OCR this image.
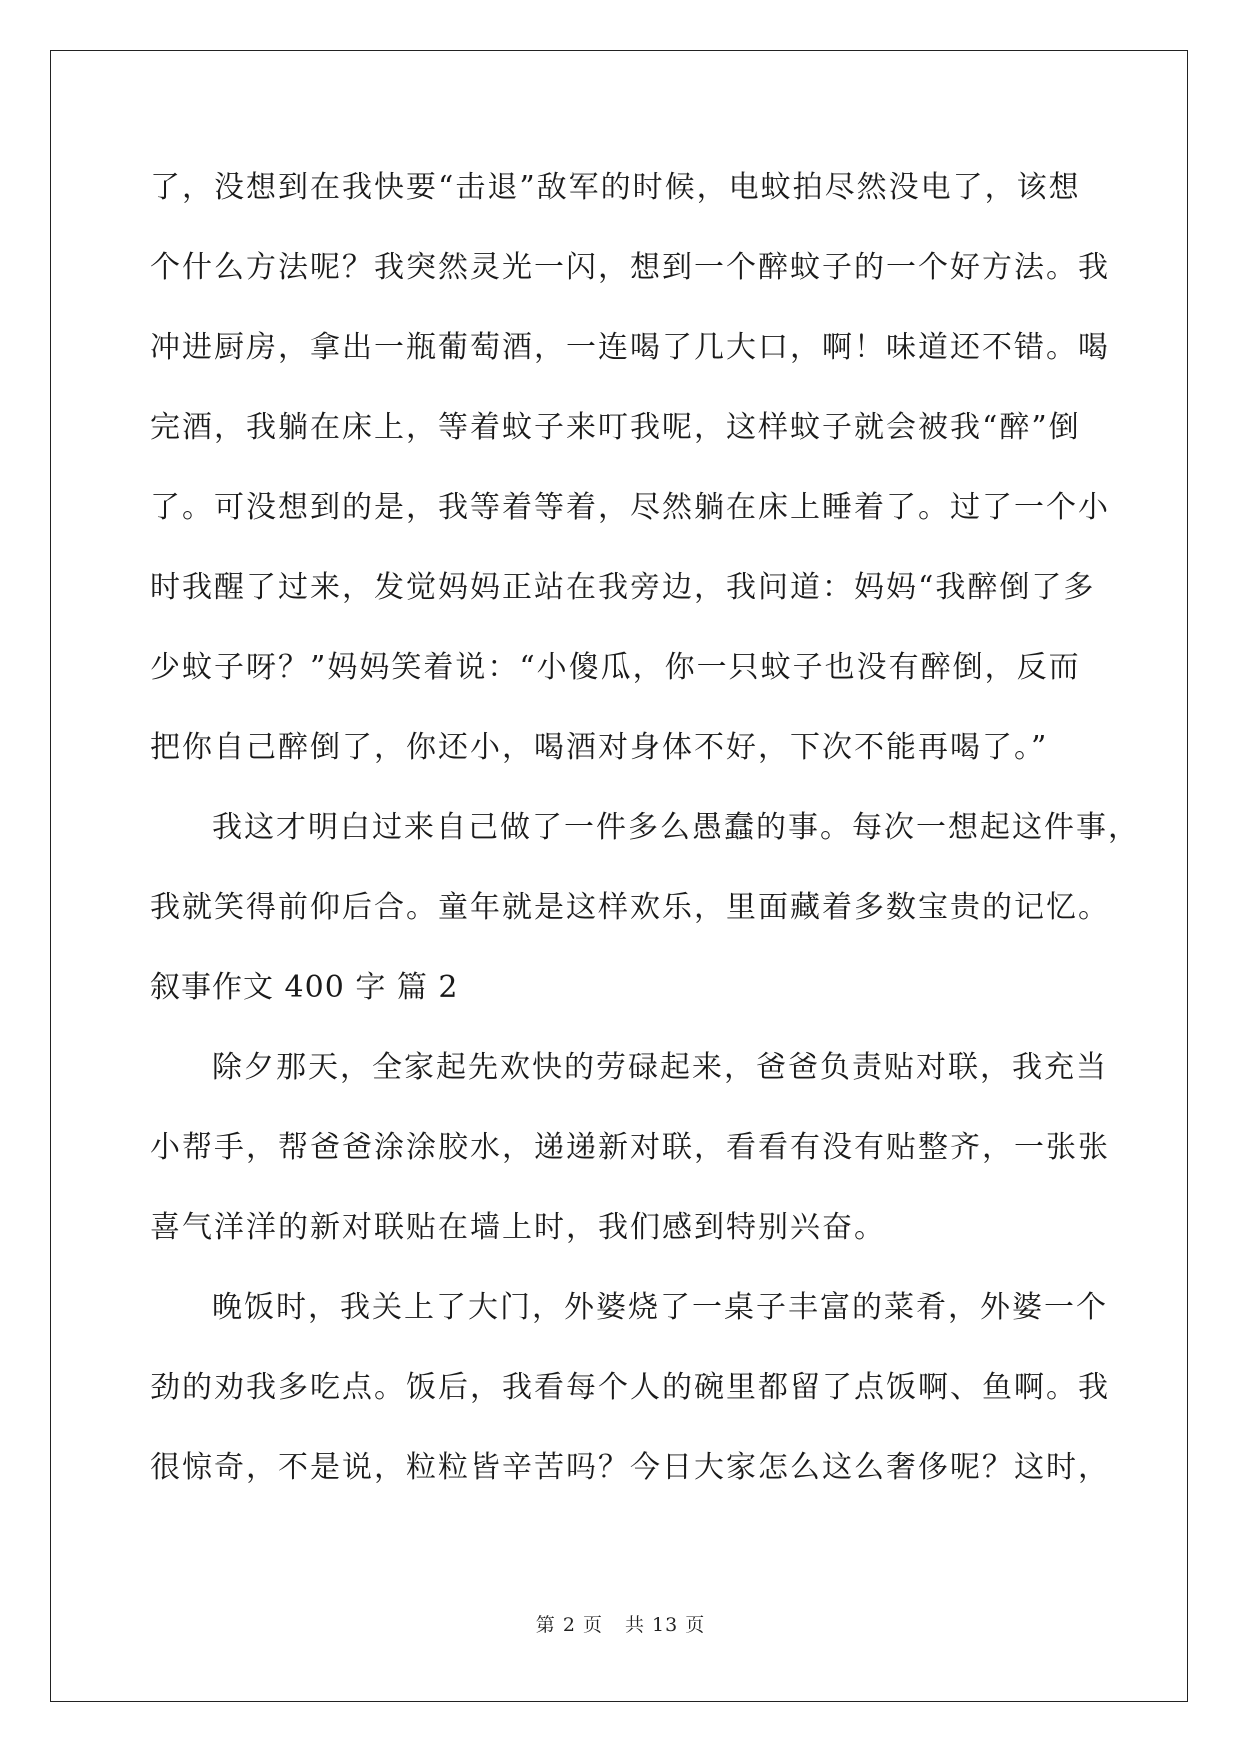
了，没想到在我快要“击退”敌军的时候，电蚊拍尽然没电了，该想
个什么方法呢？我突然灵光一闪，想到一个醉蚊子的一个好方法。我
冲进厨房，拿出一瓶葡萄酒，一连喝了几大口，啊！味道还不错。喝
完酒，我躺在床上，等着蚊子来叮我呢，这样蚊子就会被我“醉”倒
了。可没想到的是，我等着等着，尽然躺在床上睡着了。过了一个小
时我醒了过来，发觉妈妈正站在我旁边，我问道：妈妈“我醉倒了多
少蚊子呀？”妈妈笑着说：“小傻瓜，你一只蚊子也没有醉倒，反而
把你自己醉倒了，你还小，喝酒对身体不好，下次不能再喝了。”
我这才明白过来自己做了一件多么愚蠢的事。每次一想起这件事，
我就笑得前仰后合。童年就是这样欢乐，里面藏着多数宝贵的记忆。
叙事作文 400 字 篇 2
除夕那天，全家起先欢快的劳碌起来，爸爸负责贴对联，我充当
小帮手，帮爸爸涂涂胶水，递递新对联，看看有没有贴整齐，一张张
喜气洋洋的新对联贴在墙上时，我们感到特别兴奋。
晚饭时，我关上了大门，外婆烧了一桌子丰富的菜肴，外婆一个
劲的劝我多吃点。饭后，我看每个人的碗里都留了点饭啊、鱼啊。我
很惊奇，不是说，粒粒皆辛苦吗？今日大家怎么这么奢侈呢？这时，
第 2 页 共 13 页
